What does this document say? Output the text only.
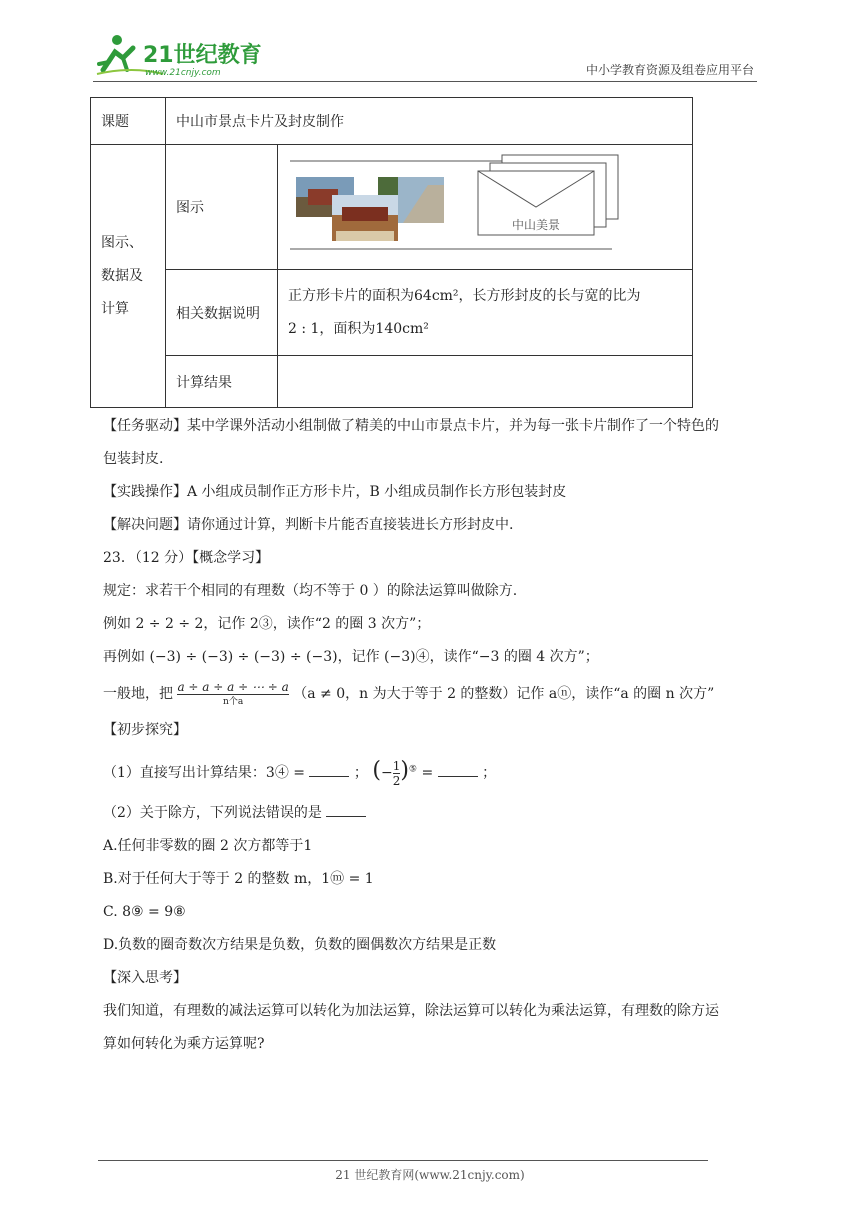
21世纪教育
www.21cnjy.com	中小学教育资源及组卷应用平台
课题	中山市景点卡片及封皮制作	
图示、数据及计算	图示	中山美景

	相关数据说明	正方形卡片的面积为64cm²，长方形封皮的长与宽的比为
2 : 1，面积为140cm²

	计算结果	

【任务驱动】某中学课外活动小组制做了精美的中山市景点卡片，并为每一张卡片制作了一个特色的

包装封皮.

【实践操作】A 小组成员制作正方形卡片，B 小组成员制作长方形包装封皮

【解决问题】请你通过计算，判断卡片能否直接装进长方形封皮中.

23．（12 分）【概念学习】

规定：求若干个相同的有理数（均不等于 0 ）的除法运算叫做除方.

例如 2 ÷ 2 ÷ 2，记作 2③，读作“2 的圈 3 次方”；

再例如 (−3) ÷ (−3) ÷ (−3) ÷ (−3)，记作 (−3)④，读作“−3 的圈 4 次方”；

一般地，把 $\frac{a \div a \div a \div \cdots \div a}{\text{n个a}} (a \ne 0$，n 为大于等于 2 的整数）记作 aⓝ，读作“a 的圈 n 次方”

【初步探究】

（1）直接写出计算结果：3④ =	； (− $\frac{1}{2} )^⑤$ =	；

（2）关于除方，下列说法错误的是

A.任何非零数的圈 2 次方都等于1

B.对于任何大于等于 2 的整数 m，1ⓜ = 1

C. 8⑨ = 9⑧

D.负数的圈奇数次方结果是负数，负数的圈偶数次方结果是正数

【深入思考】

我们知道，有理数的减法运算可以转化为加法运算，除法运算可以转化为乘法运算，有理数的除方运

算如何转化为乘方运算呢?

21 世纪教育网(www.21cnjy.com)
